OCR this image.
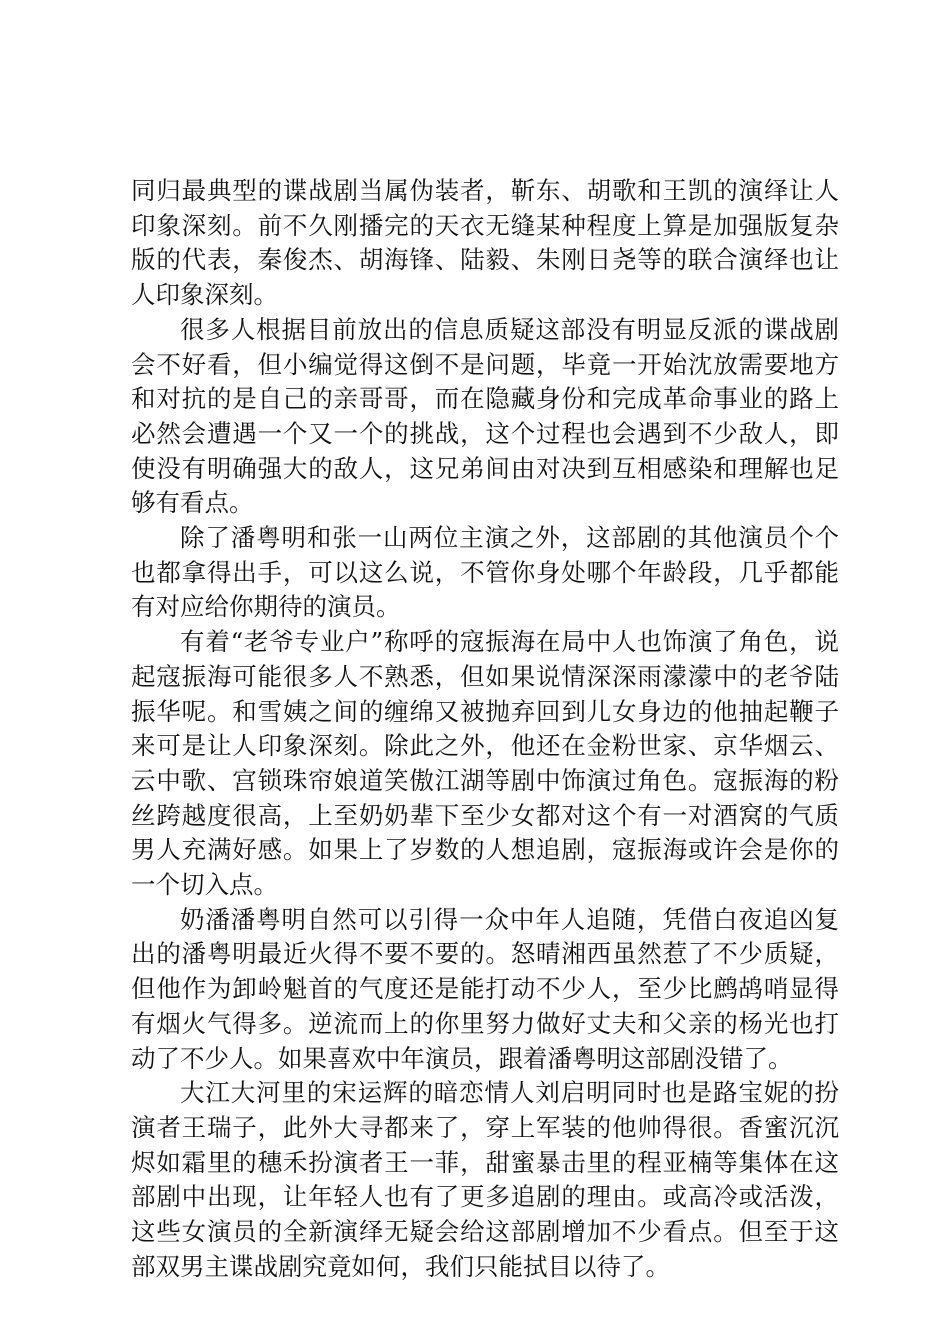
同归最典型的谍战剧当属伪装者，靳东、胡歌和王凯的演绎让人印象深刻。前不久刚播完的天衣无缝某种程度上算是加强版复杂版的代表，秦俊杰、胡海锋、陆毅、朱刚日尧等的联合演绎也让人印象深刻。

很多人根据目前放出的信息质疑这部没有明显反派的谍战剧会不好看，但小编觉得这倒不是问题，毕竟一开始沈放需要地方和对抗的是自己的亲哥哥，而在隐藏身份和完成革命事业的路上必然会遭遇一个又一个的挑战，这个过程也会遇到不少敌人，即使没有明确强大的敌人，这兄弟间由对决到互相感染和理解也足够有看点。

除了潘粤明和张一山两位主演之外，这部剧的其他演员个个也都拿得出手，可以这么说，不管你身处哪个年龄段，几乎都能有对应给你期待的演员。

有着“老爷专业户”称呼的寇振海在局中人也饰演了角色，说起寇振海可能很多人不熟悉，但如果说情深深雨濛濛中的老爷陆振华呢。和雪姨之间的缠绵又被抛弃回到儿女身边的他抽起鞭子来可是让人印象深刻。除此之外，他还在金粉世家、京华烟云、云中歌、宫锁珠帘娘道笑傲江湖等剧中饰演过角色。寇振海的粉丝跨越度很高，上至奶奶辈下至少女都对这个有一对酒窝的气质男人充满好感。如果上了岁数的人想追剧，寇振海或许会是你的一个切入点。

奶潘潘粤明自然可以引得一众中年人追随，凭借白夜追凶复出的潘粤明最近火得不要不要的。怒晴湘西虽然惹了不少质疑，但他作为卸岭魁首的气度还是能打动不少人，至少比鹧鸪哨显得有烟火气得多。逆流而上的你里努力做好丈夫和父亲的杨光也打动了不少人。如果喜欢中年演员，跟着潘粤明这部剧没错了。

大江大河里的宋运辉的暗恋情人刘启明同时也是路宝妮的扮演者王瑞子，此外大寻都来了，穿上军装的他帅得很。香蜜沉沉烬如霜里的穗禾扮演者王一菲，甜蜜暴击里的程亚楠等集体在这部剧中出现，让年轻人也有了更多追剧的理由。或高冷或活泼，这些女演员的全新演绎无疑会给这部剧增加不少看点。但至于这部双男主谍战剧究竟如何，我们只能拭目以待了。
